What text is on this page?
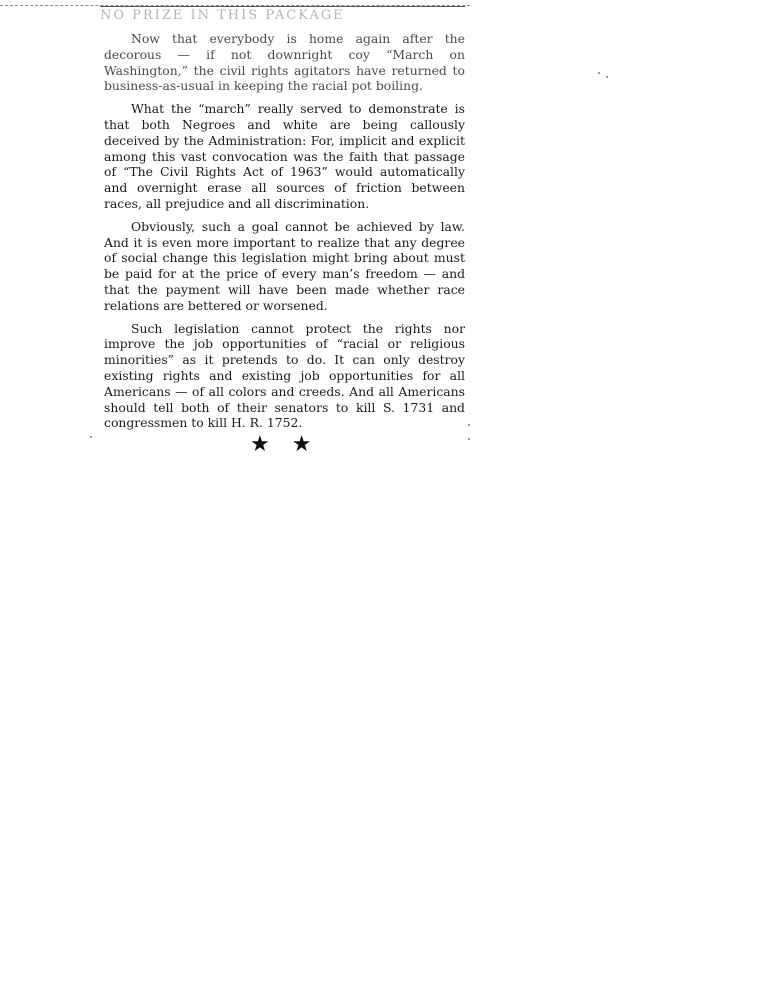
NO PRIZE IN THIS PACKAGE

Now that everybody is home again after the decorous — if not downright coy “March on Washington,” the civil rights agitators have returned to business-as-usual in keeping the racial pot boiling.

What the “march” really served to demonstrate is that both Negroes and white are being callously deceived by the Administration: For, implicit and explicit among this vast convocation was the faith that passage of “The Civil Rights Act of 1963” would automatically and overnight erase all sources of friction between races, all prejudice and all discrimination.

Obviously, such a goal cannot be achieved by law. And it is even more important to realize that any degree of social change this legislation might bring about must be paid for at the price of every man’s freedom — and that the payment will have been made whether race relations are bettered or worsened.

Such legislation cannot protect the rights nor improve the job opportunities of “racial or religious minorities” as it pretends to do. It can only destroy existing rights and existing job opportunities for all Americans — of all colors and creeds. And all Americans should tell both of their senators to kill S. 1731 and congressmen to kill H. R. 1752.

★★
